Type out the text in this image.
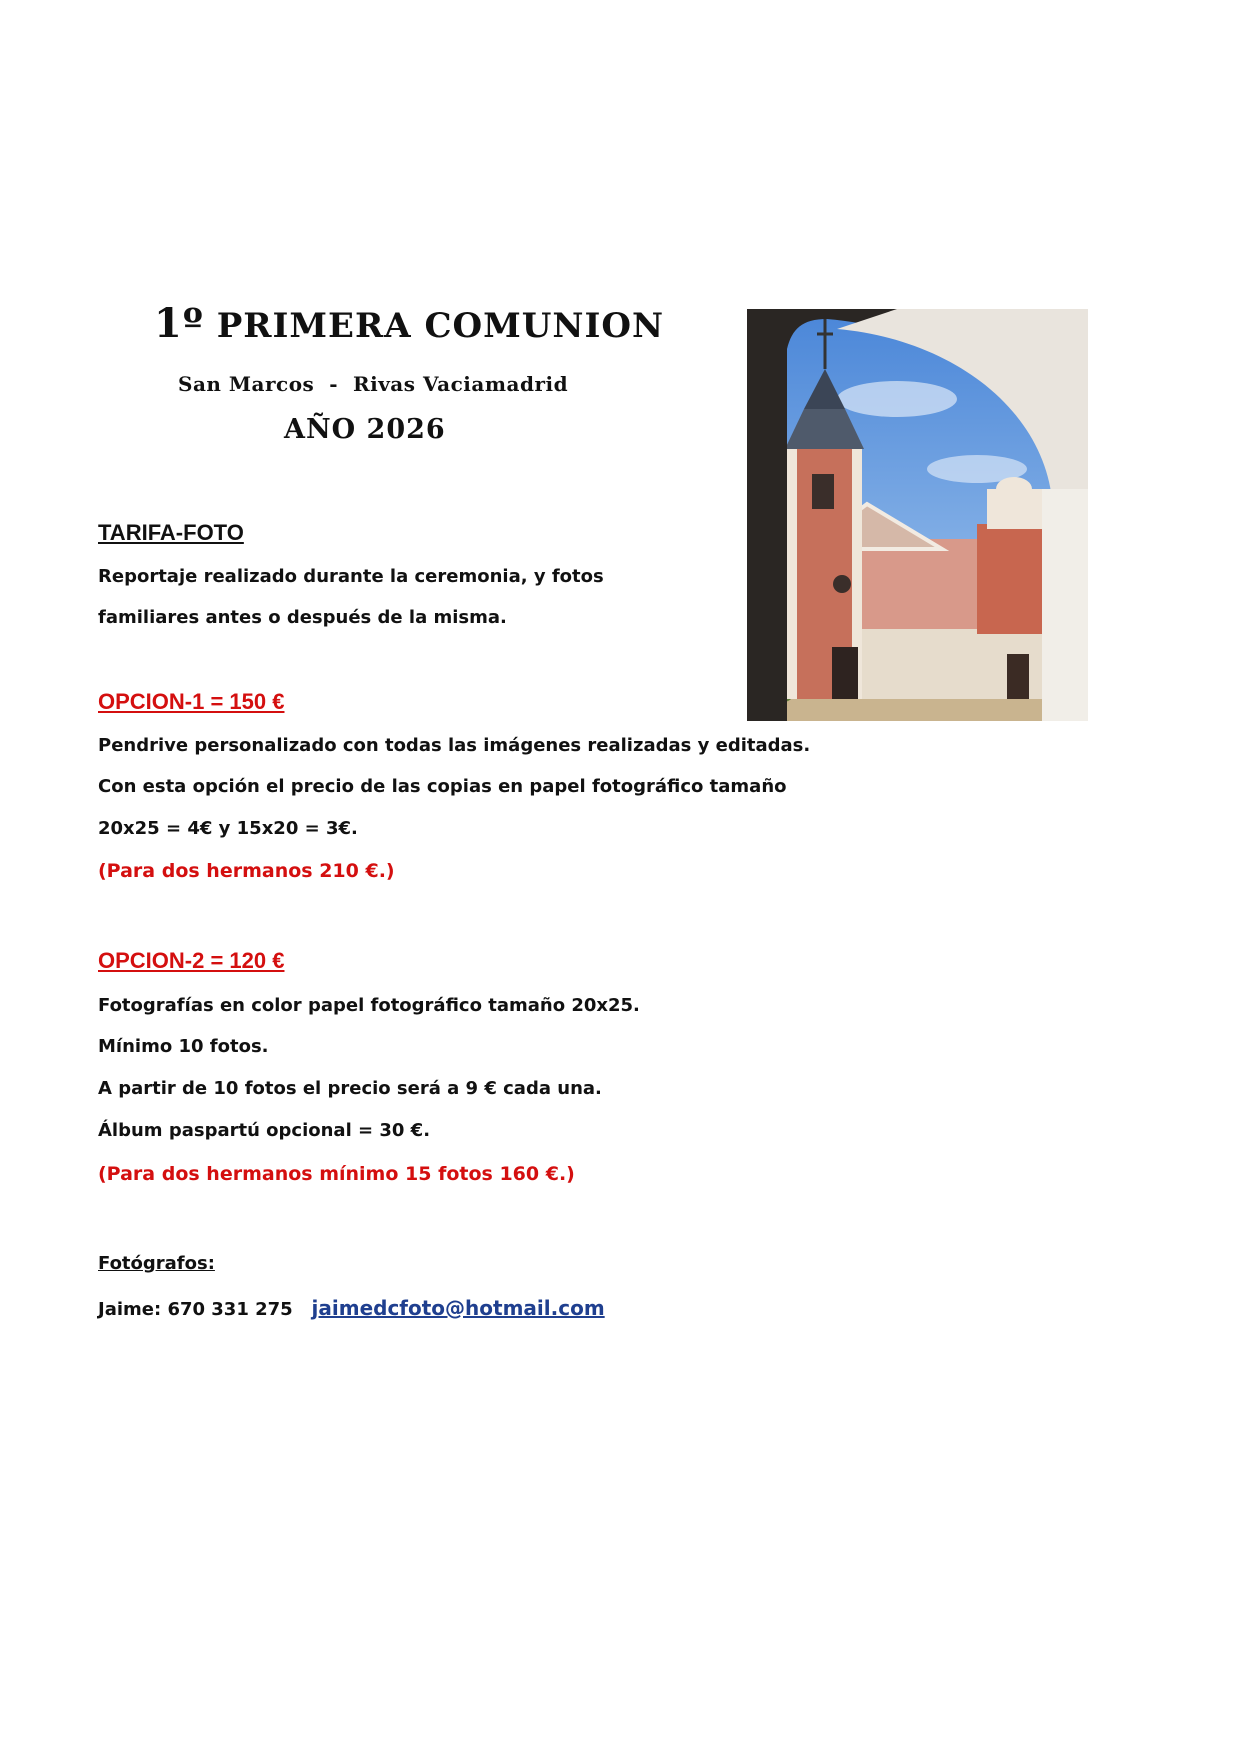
1º PRIMERA COMUNION
San Marcos  -  Rivas Vaciamadrid
AÑO 2026
TARIFA-FOTO
Reportaje realizado durante la ceremonia, y fotos
familiares antes o después de la misma.
OPCION-1 = 150 €
Pendrive personalizado con todas las imágenes realizadas y editadas.
Con esta opción el precio de las copias en papel fotográfico tamaño
20x25 = 4€ y 15x20 = 3€.
(Para dos hermanos 210 €.)
OPCION-2 = 120 €
Fotografías en color papel fotográfico tamaño 20x25.
Mínimo 10 fotos.
A partir de 10 fotos el precio será a 9 € cada una.
Álbum paspartú opcional = 30 €.
(Para dos hermanos mínimo 15 fotos 160 €.)
Fotógrafos:
Jaime: 670 331 275 jaimedcfoto@hotmail.com
